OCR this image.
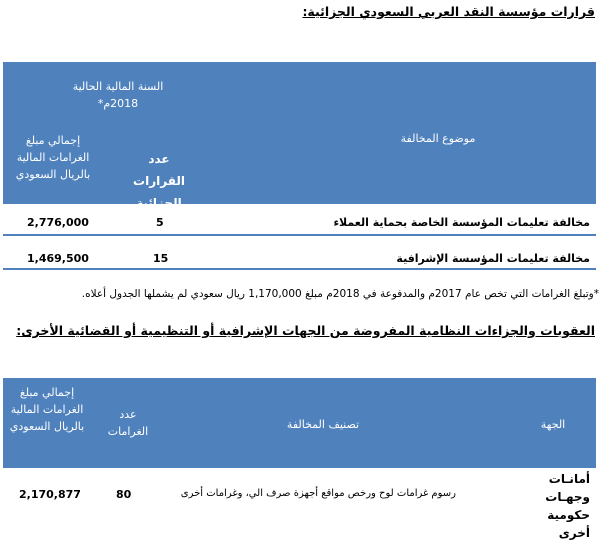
قرارات مؤسسة النقد العربي السعودي الجزائية:
السنة المالية الحالية 2018م*
موضوع المخالفة
عدد القرارات الجزائية
إجمالي مبلغ الغرامات المالية بالريال السعودي
مخالفة تعليمات المؤسسة الخاصة بحماية العملاء
5
2,776,000
مخالفة تعليمات المؤسسة الإشرافية
15
1,469,500
*وتبلغ الغرامات التي تخص عام 2017م والمدفوعة في 2018م مبلغ 1,170,000 ريال سعودي لم يشملها الجدول أعلاه.
العقوبات والجزاءات النظامية المفروضة من الجهات الإشرافية أو التنظيمية أو القضائية الأخرى:
الجهة
تصنيف المخالفة
عدد الغرامات
إجمالي مبلغ الغرامات المالية بالريال السعودي
أمانـات وجهـات حكومية أخرى
رسوم غرامات لوح ورخص مواقع أجهزة صرف الي، وغرامات أخرى
80
2,170,877
